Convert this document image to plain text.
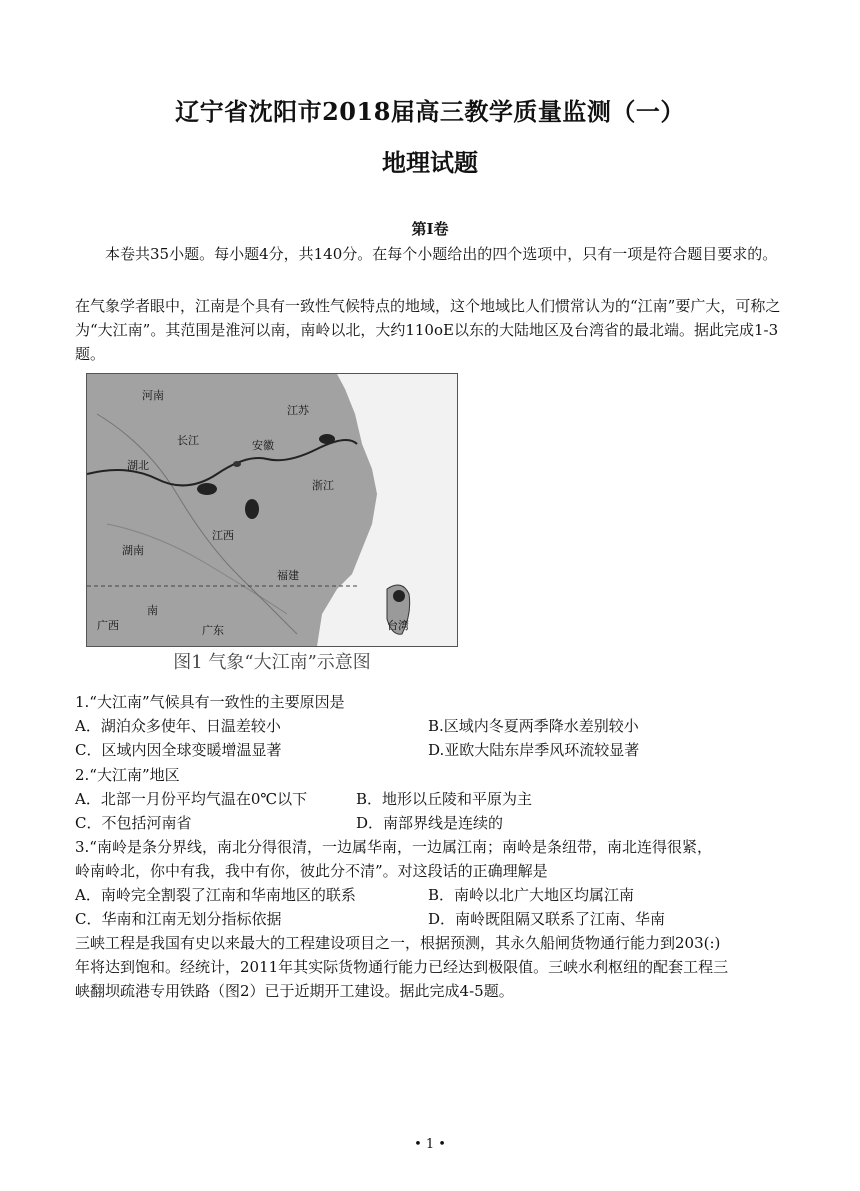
辽宁省沈阳市2018届高三教学质量监测（一）
地理试题
第Ⅰ卷
本卷共35小题。每小题4分，共140分。在每个小题给出的四个选项中，只有一项是符合题目要求的。
在气象学者眼中，江南是个具有一致性气候特点的地域，这个地域比人们惯常认为的“江南”要广大，可称之为“大江南”。其范围是淮河以南，南岭以北，大约110oE以东的大陆地区及台湾省的最北端。据此完成1-3题。
河南
江苏
安徽
湖北
浙江
湖南
江西
福建
台湾
广西	广东
南
长江
图1 气象“大江南”示意图
1.“大江南”气候具有一致性的主要原因是
A．湖泊众多使年、日温差较小	B.区域内冬夏两季降水差别较小
C．区域内因全球变暖增温显著	D.亚欧大陆东岸季风环流较显著
2.“大江南”地区
A．北部一月份平均气温在0℃以下	B．地形以丘陵和平原为主
C．不包括河南省	D．南部界线是连续的
3.“南岭是条分界线，南北分得很清，一边属华南，一边属江南；南岭是条纽带，南北连得很紧，
岭南岭北，你中有我，我中有你，彼此分不清”。对这段话的正确理解是
A．南岭完全割裂了江南和华南地区的联系	B．南岭以北广大地区均属江南
C．华南和江南无划分指标依据	D．南岭既阻隔又联系了江南、华南
三峡工程是我国有史以来最大的工程建设项目之一，根据预测，其永久船闸货物通行能力到203(:)
年将达到饱和。经统计，2011年其实际货物通行能力已经达到极限值。三峡水利枢纽的配套工程三
峡翻坝疏港专用铁路（图2）已于近期开工建设。据此完成4-5题。
• 1 •
